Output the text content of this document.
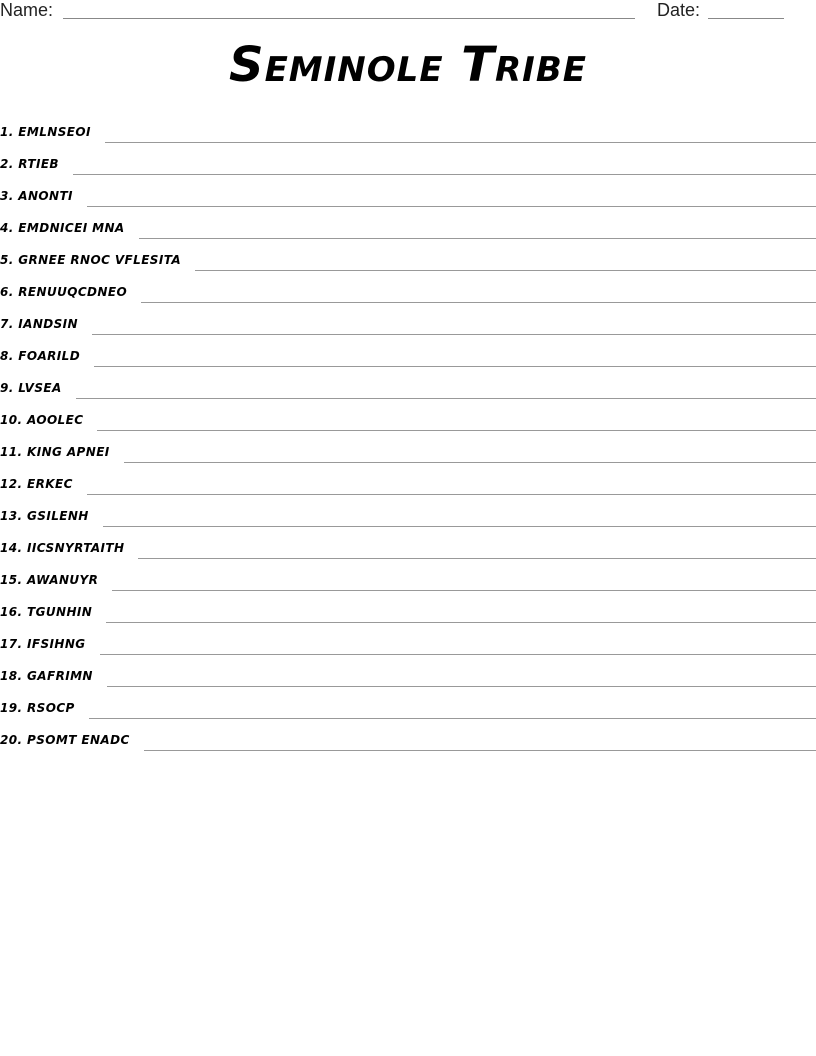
Name:	Date:
Seminole Tribe
1. EMLNSEOI
2. RTIEB
3. ANONTI
4. EMDNICEI MNA
5. GRNEE RNOC VFLESITA
6. RENUUQCDNEO
7. IANDSIN
8. FOARILD
9. LVSEA
10. AOOLEC
11. KING APNEI
12. ERKEC
13. GSILENH
14. IICSNYRTAITH
15. AWANUYR
16. TGUNHIN
17. IFSIHNG
18. GAFRIMN
19. RSOCP
20. PSOMT ENADC
